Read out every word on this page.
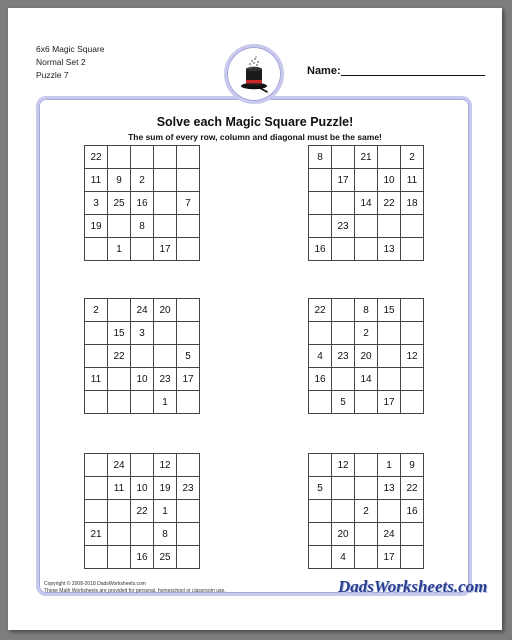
6x6 Magic Square
Normal Set 2
Puzzle 7	Name:
Solve each Magic Square Puzzle!
The sum of every row, column and diagonal must be the same!
22				
11	9	2		
3	25	16		7
19		8		
	1		17	
8		21		2
	17		10	11
		14	22	18
	23			
16			13	
2		24	20	
	15	3		
	22			5
11		10	23	17
			1	
22		8	15	
		2		
4	23	20		12
16		14		
	5		17	
	24		12	
	11	10	19	23
		22	1	
21			8	
		16	25	
	12		1	9
5			13	22
		2		16
	20		24	
	4		17	
Copyright © 2008-2018 DadsWorksheets.com
These Math Worksheets are provided for personal, homeschool or classroom use.	DadsWorksheets.com
